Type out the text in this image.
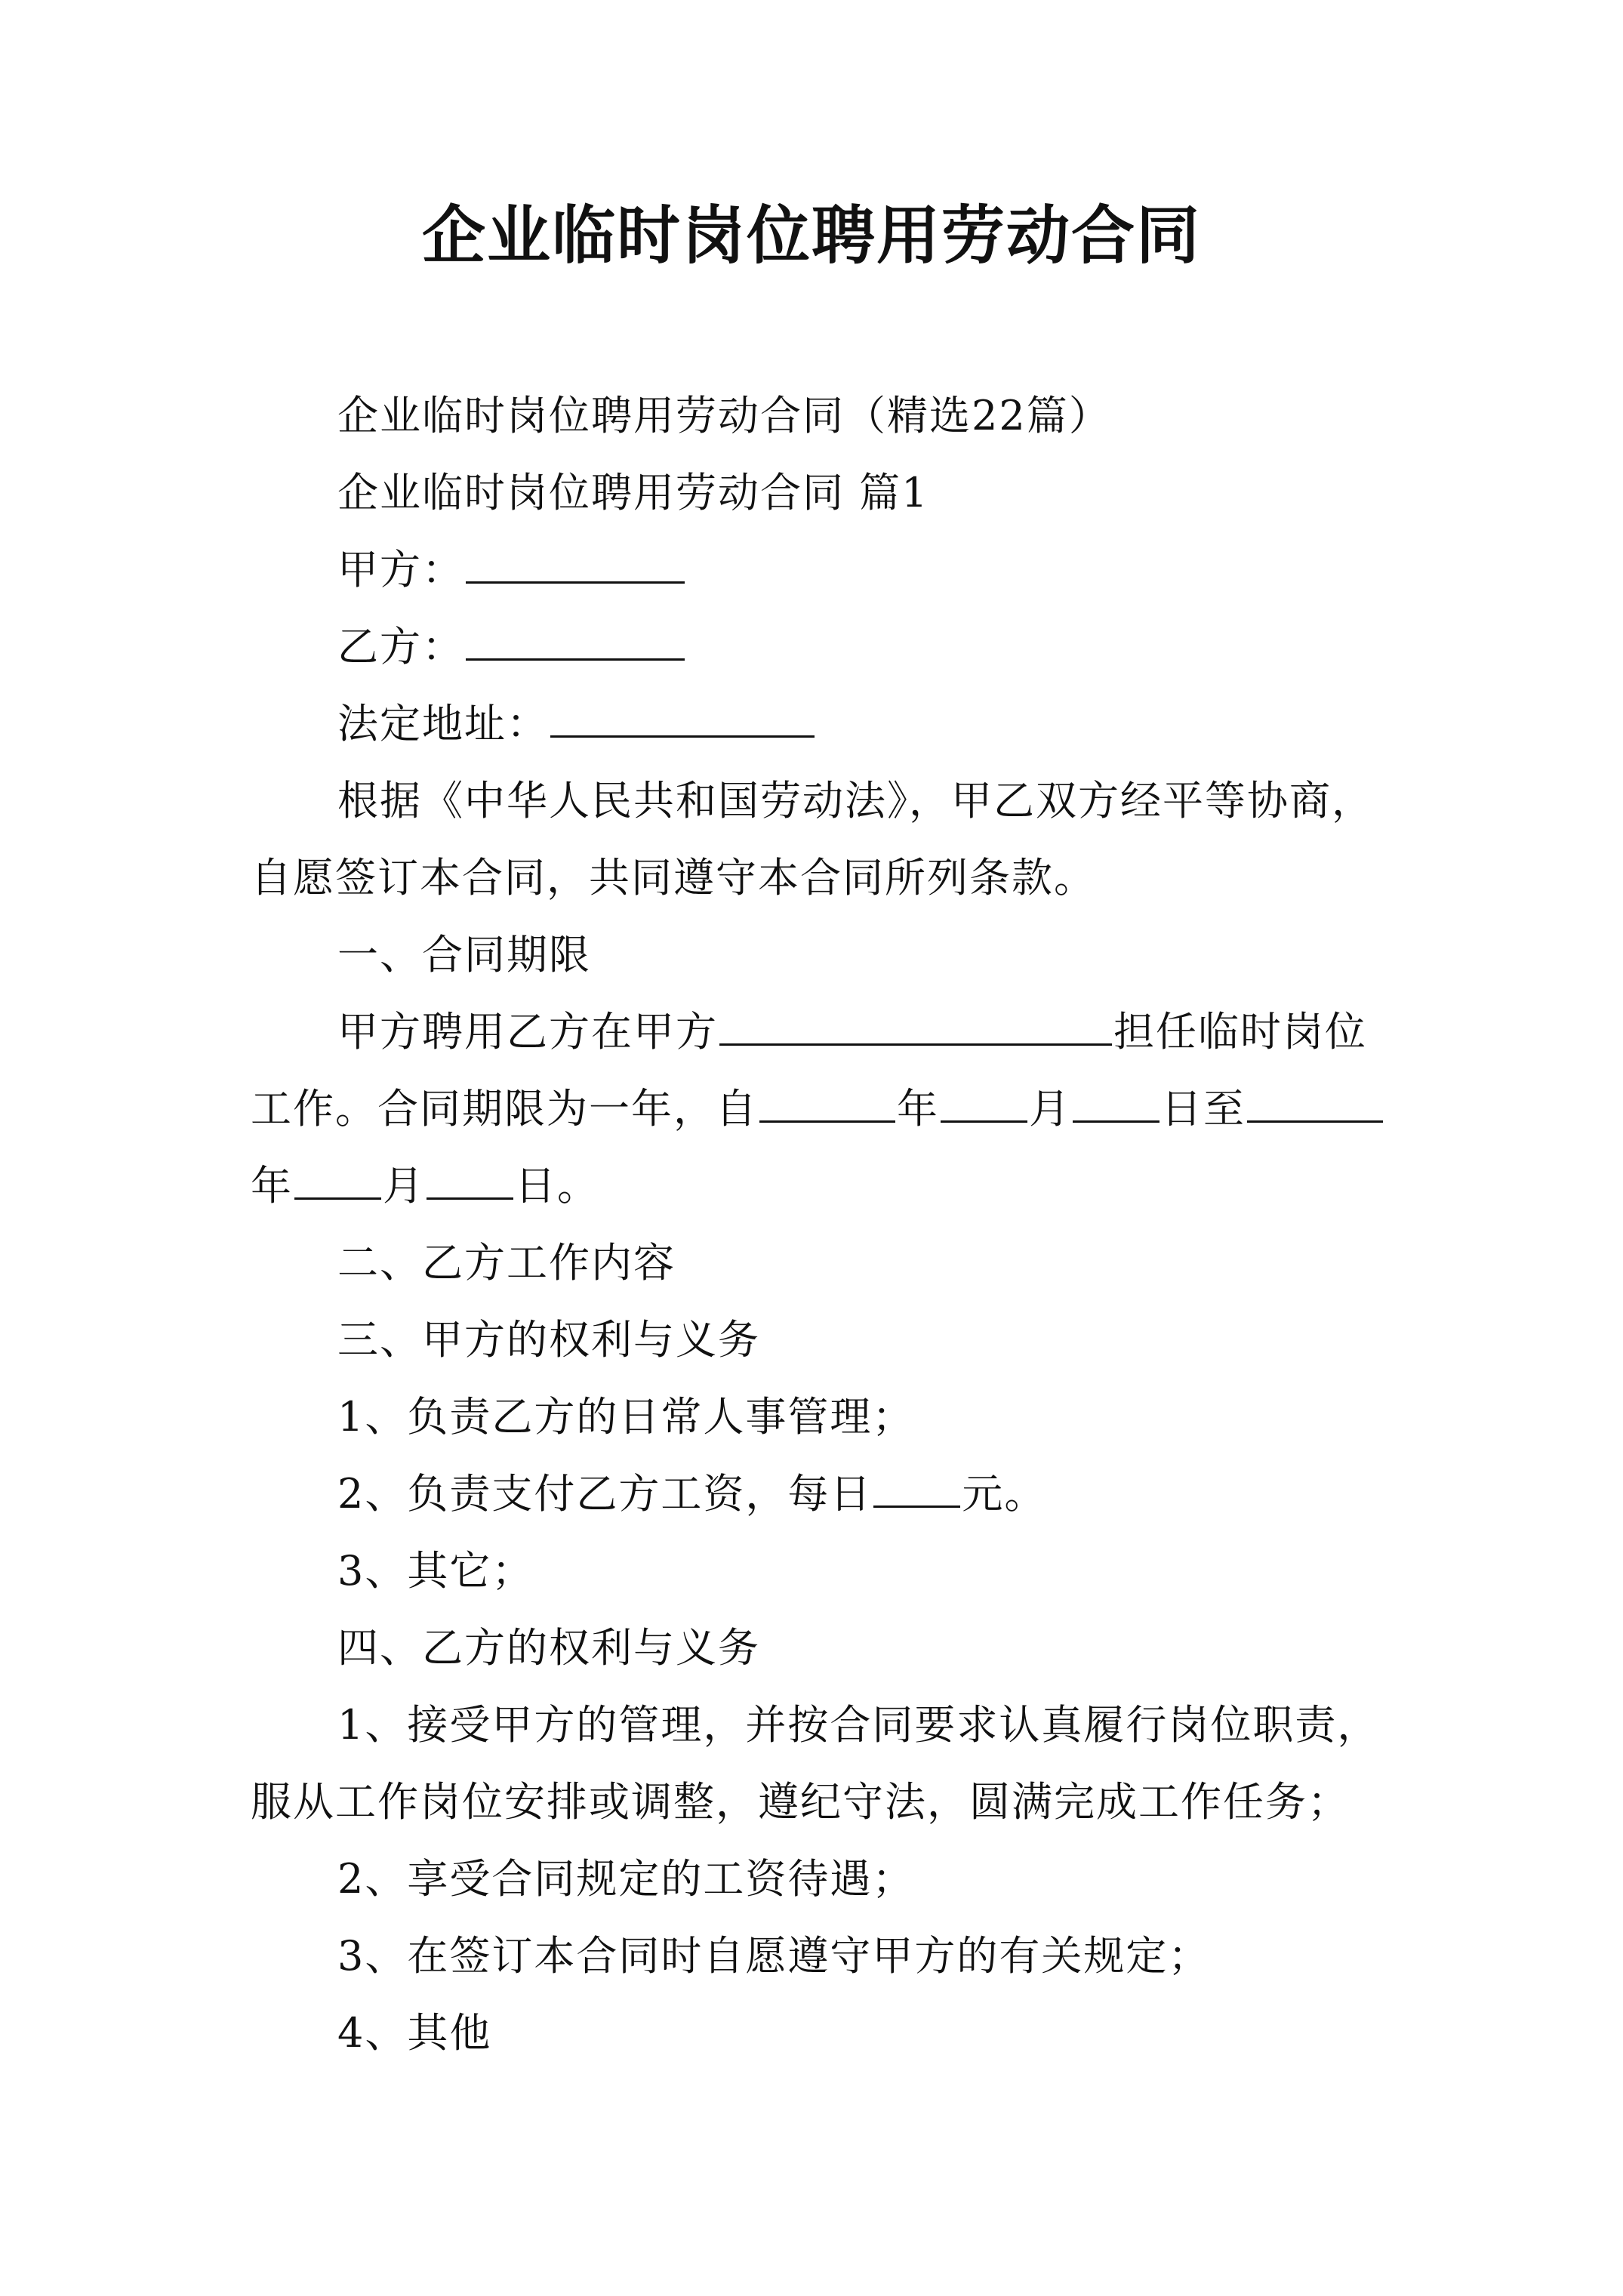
企业临时岗位聘用劳动合同
企业临时岗位聘用劳动合同（精选22篇）
企业临时岗位聘用劳动合同 篇1
甲方：
乙方：
法定地址：
根据《中华人民共和国劳动法》，甲乙双方经平等协商，
自愿签订本合同，共同遵守本合同所列条款。
一、合同期限
甲方聘用乙方在甲方	担任临时岗位
工作。合同期限为一年，自	年 月 日至
年 月 日。
二、乙方工作内容
三、甲方的权利与义务
1、负责乙方的日常人事管理；
2、负责支付乙方工资，每日 元。
3、其它；
四、乙方的权利与义务
1、接受甲方的管理，并按合同要求认真履行岗位职责，
服从工作岗位安排或调整，遵纪守法，圆满完成工作任务；
2、享受合同规定的工资待遇；
3、在签订本合同时自愿遵守甲方的有关规定；
4、其他
